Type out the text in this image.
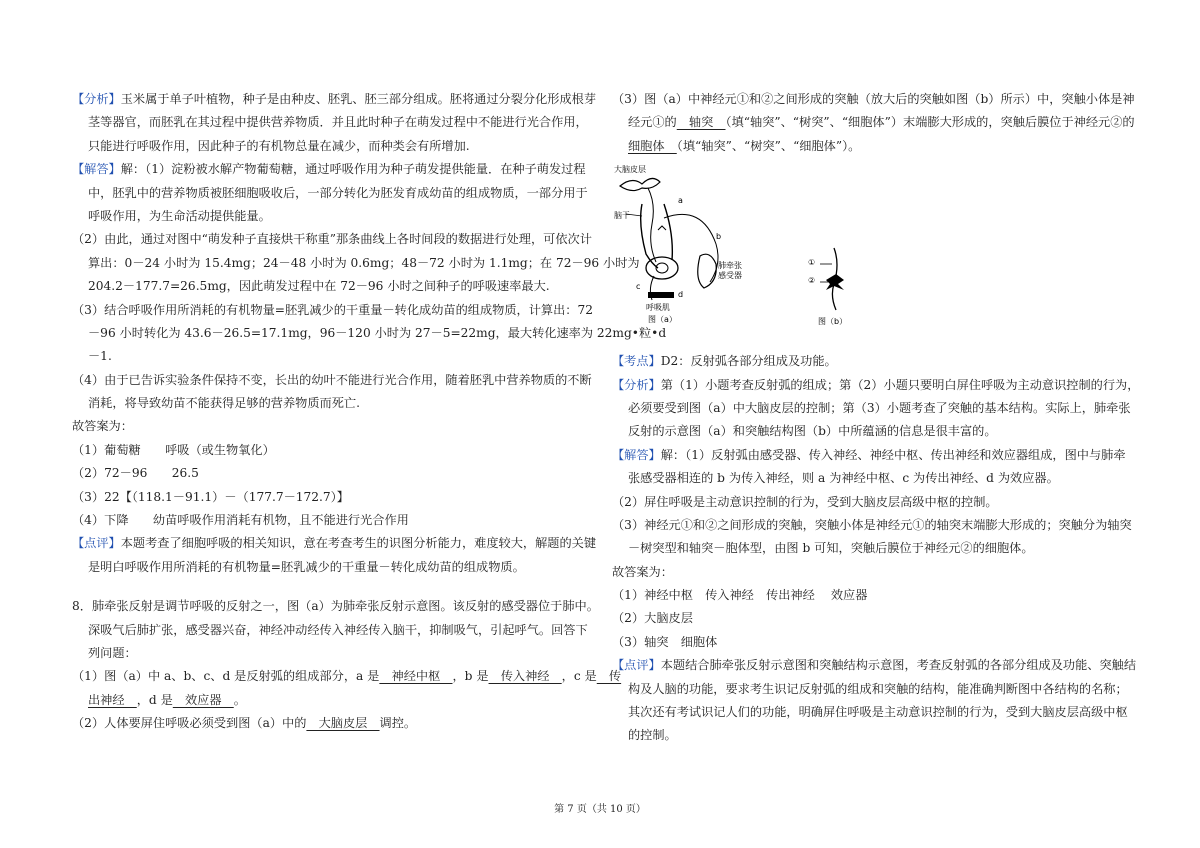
【分析】玉米属于单子叶植物，种子是由种皮、胚乳、胚三部分组成。胚将通过分裂分化形成根芽
茎等器官，而胚乳在其过程中提供营养物质．并且此时种子在萌发过程中不能进行光合作用，
只能进行呼吸作用，因此种子的有机物总量在减少，而种类会有所增加.
【解答】解：（1）淀粉被水解产物葡萄糖，通过呼吸作用为种子萌发提供能量．在种子萌发过程
中，胚乳中的营养物质被胚细胞吸收后，一部分转化为胚发育成幼苗的组成物质，一部分用于
呼吸作用，为生命活动提供能量。
（2）由此，通过对图中“萌发种子直接烘干称重”那条曲线上各时间段的数据进行处理，可依次计
算出：0－24 小时为 15.4mg；24－48 小时为 0.6mg；48－72 小时为 1.1mg；在 72－96 小时为
204.2－177.7=26.5mg，因此萌发过程中在 72－96 小时之间种子的呼吸速率最大.
（3）结合呼吸作用所消耗的有机物量=胚乳减少的干重量－转化成幼苗的组成物质，计算出：72
－96 小时转化为 43.6－26.5=17.1mg，96－120 小时为 27－5=22mg，最大转化速率为 22mg•粒•d
－1.
（4）由于已告诉实验条件保持不变，长出的幼叶不能进行光合作用，随着胚乳中营养物质的不断
消耗，将导致幼苗不能获得足够的营养物质而死亡.
故答案为：
（1）葡萄糖　　呼吸（或生物氧化）
（2）72－96　　26.5
（3）22【（118.1－91.1）－（177.7－172.7）】
（4）下降　　幼苗呼吸作用消耗有机物，且不能进行光合作用
【点评】本题考查了细胞呼吸的相关知识，意在考查考生的识图分析能力，难度较大，解题的关键
是明白呼吸作用所消耗的有机物量=胚乳减少的干重量－转化成幼苗的组成物质。
8．肺牵张反射是调节呼吸的反射之一，图（a）为肺牵张反射示意图。该反射的感受器位于肺中。
深吸气后肺扩张，感受器兴奋，神经冲动经传入神经传入脑干，抑制吸气，引起呼气。回答下
列问题：
（1）图（a）中 a、b、c、d 是反射弧的组成部分，a 是　神经中枢　，b 是　传入神经　，c 是　传
出神经　，d 是　效应器　。
（2）人体要屏住呼吸必须受到图（a）中的　大脑皮层　调控。
（3）图（a）中神经元①和②之间形成的突触（放大后的突触如图（b）所示）中，突触小体是神
经元①的　轴突　（填“轴突”、“树突”、“细胞体”）末端膨大形成的，突触后膜位于神经元②的
细胞体　（填“轴突”、“树突”、“细胞体”）。
大脑皮层
脑干
a
b
c
d
肺牵张
感受器
呼吸肌
图（a）
①
②
图（b）
【考点】D2：反射弧各部分组成及功能。
【分析】第（1）小题考查反射弧的组成；第（2）小题只要明白屏住呼吸为主动意识控制的行为，
必须要受到图（a）中大脑皮层的控制；第（3）小题考查了突触的基本结构。实际上，肺牵张
反射的示意图（a）和突触结构图（b）中所蕴涵的信息是很丰富的。
【解答】解：（1）反射弧由感受器、传入神经、神经中枢、传出神经和效应器组成，图中与肺牵
张感受器相连的 b 为传入神经，则 a 为神经中枢、c 为传出神经、d 为效应器。
（2）屏住呼吸是主动意识控制的行为，受到大脑皮层高级中枢的控制。
（3）神经元①和②之间形成的突触，突触小体是神经元①的轴突末端膨大形成的；突触分为轴突
－树突型和轴突－胞体型，由图 b 可知，突触后膜位于神经元②的细胞体。
故答案为：
（1）神经中枢　传入神经　传出神经　 效应器
（2）大脑皮层
（3）轴突　细胞体
【点评】本题结合肺牵张反射示意图和突触结构示意图，考查反射弧的各部分组成及功能、突触结
构及人脑的功能，要求考生识记反射弧的组成和突触的结构，能准确判断图中各结构的名称；
其次还有考试识记人们的功能，明确屏住呼吸是主动意识控制的行为，受到大脑皮层高级中枢
的控制。
第 7 页（共 10 页）
